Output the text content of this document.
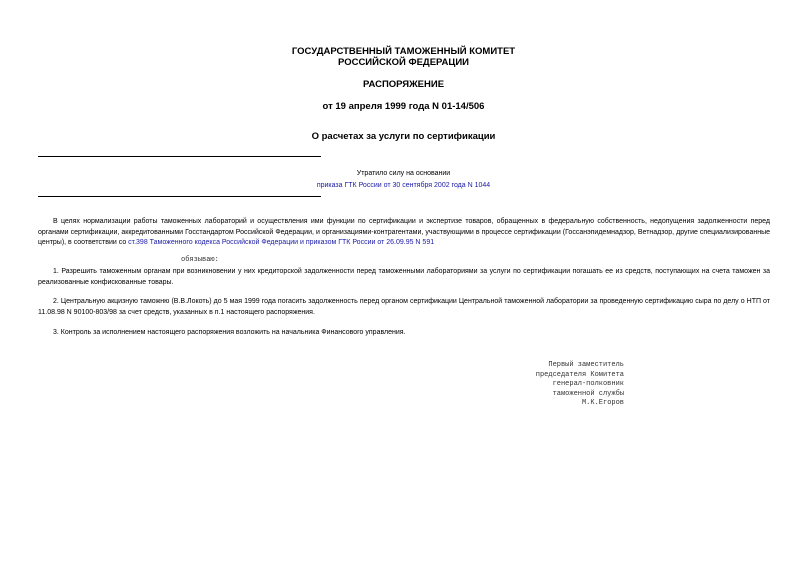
ГОСУДАРСТВЕННЫЙ ТАМОЖЕННЫЙ КОМИТЕТ
РОССИЙСКОЙ ФЕДЕРАЦИИ
РАСПОРЯЖЕНИЕ
от 19 апреля 1999 года N 01-14/506
О расчетах за услуги по сертификации
Утратило силу на основании
приказа ГТК России от 30 сентября 2002 года N 1044
В целях нормализации работы таможенных лабораторий и осуществления ими функции по сертификации и экспертизе товаров, обращенных в федеральную собственность, недопущения задолженности перед органами сертификации, аккредитованными Госстандартом Российской Федерации, и организациями-контрагентами, участвующими в процессе сертификации (Госсанэпидемнадзор, Ветнадзор, другие специализированные центры), в соответствии со ст.398 Таможенного кодекса Российской Федерации и приказом ГТК России от 26.09.95 N 591
обязываю:
1. Разрешить таможенным органам при возникновении у них кредиторской задолженности перед таможенными лабораториями за услуги по сертификации погашать ее из средств, поступающих на счета таможен за реализованные конфискованные товары.
2. Центральную акцизную таможню (В.В.Локоть) до 5 мая 1999 года погасить задолженность перед органом сертификации Центральной таможенной лаборатории за проведенную сертификацию сыра по делу о НТП от 11.08.98 N 90100-803/98 за счет средств, указанных в п.1 настоящего распоряжения.
3. Контроль за исполнением настоящего распоряжения возложить на начальника Финансового управления.
Первый заместитель
председателя Комитета
генерал-полковник
таможенной службы
М.К.Егоров
